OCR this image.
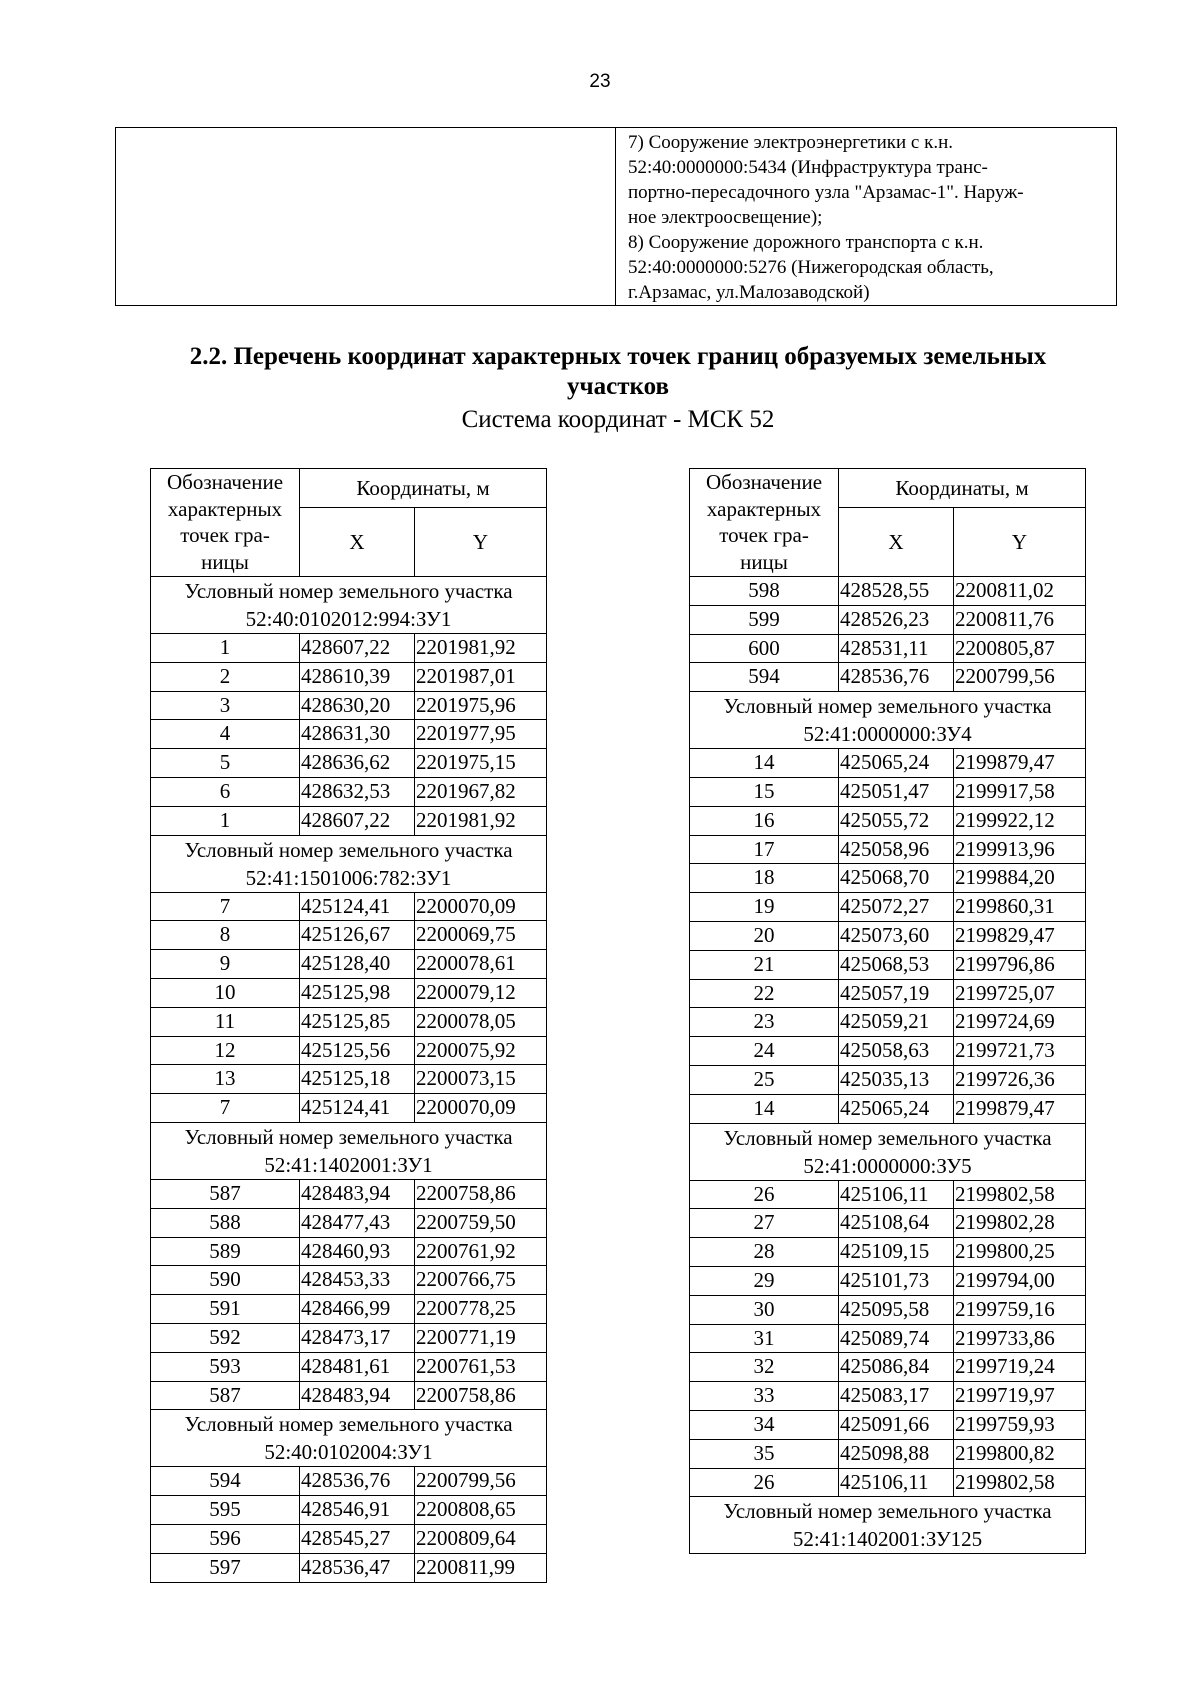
23

7) Сооружение электроэнергетики с к.н.
52:40:0000000:5434 (Инфраструктура транс-
портно-пересадочного узла "Арзамас-1". Наруж-
ное электроосвещение);
8) Сооружение дорожного транспорта с к.н.
52:40:0000000:5276 (Нижегородская область,
г.Арзамас, ул.Малозаводской)
2.2. Перечень координат характерных точек границ образуемых земельных
участков
Система координат - МСК 52
Обозначение
характерных
точек гра-
ницы	Координаты, м	
	X	Y

Условный номер земельного участка
52:40:0102012:994:ЗУ1		

1	428607,22	2201981,92
2	428610,39	2201987,01
3	428630,20	2201975,96
4	428631,30	2201977,95
5	428636,62	2201975,15
6	428632,53	2201967,82
1	428607,22	2201981,92

Условный номер земельного участка
52:41:1501006:782:ЗУ1		

7	425124,41	2200070,09
8	425126,67	2200069,75
9	425128,40	2200078,61
10	425125,98	2200079,12
11	425125,85	2200078,05
12	425125,56	2200075,92
13	425125,18	2200073,15
7	425124,41	2200070,09

Условный номер земельного участка
52:41:1402001:ЗУ1		

587	428483,94	2200758,86
588	428477,43	2200759,50
589	428460,93	2200761,92
590	428453,33	2200766,75
591	428466,99	2200778,25
592	428473,17	2200771,19
593	428481,61	2200761,53
587	428483,94	2200758,86

Условный номер земельного участка
52:40:0102004:ЗУ1		

594	428536,76	2200799,56
595	428546,91	2200808,65
596	428545,27	2200809,64
597	428536,47	2200811,99
Обозначение
характерных
точек гра-
ницы	Координаты, м	
	X	Y
598	428528,55	2200811,02
599	428526,23	2200811,76
600	428531,11	2200805,87
594	428536,76	2200799,56

Условный номер земельного участка
52:41:0000000:ЗУ4		

14	425065,24	2199879,47
15	425051,47	2199917,58
16	425055,72	2199922,12
17	425058,96	2199913,96
18	425068,70	2199884,20
19	425072,27	2199860,31
20	425073,60	2199829,47
21	425068,53	2199796,86
22	425057,19	2199725,07
23	425059,21	2199724,69
24	425058,63	2199721,73
25	425035,13	2199726,36
14	425065,24	2199879,47

Условный номер земельного участка
52:41:0000000:ЗУ5		

26	425106,11	2199802,58
27	425108,64	2199802,28
28	425109,15	2199800,25
29	425101,73	2199794,00
30	425095,58	2199759,16
31	425089,74	2199733,86
32	425086,84	2199719,24
33	425083,17	2199719,97
34	425091,66	2199759,93
35	425098,88	2199800,82
26	425106,11	2199802,58

Условный номер земельного участка
52:41:1402001:ЗУ125		
